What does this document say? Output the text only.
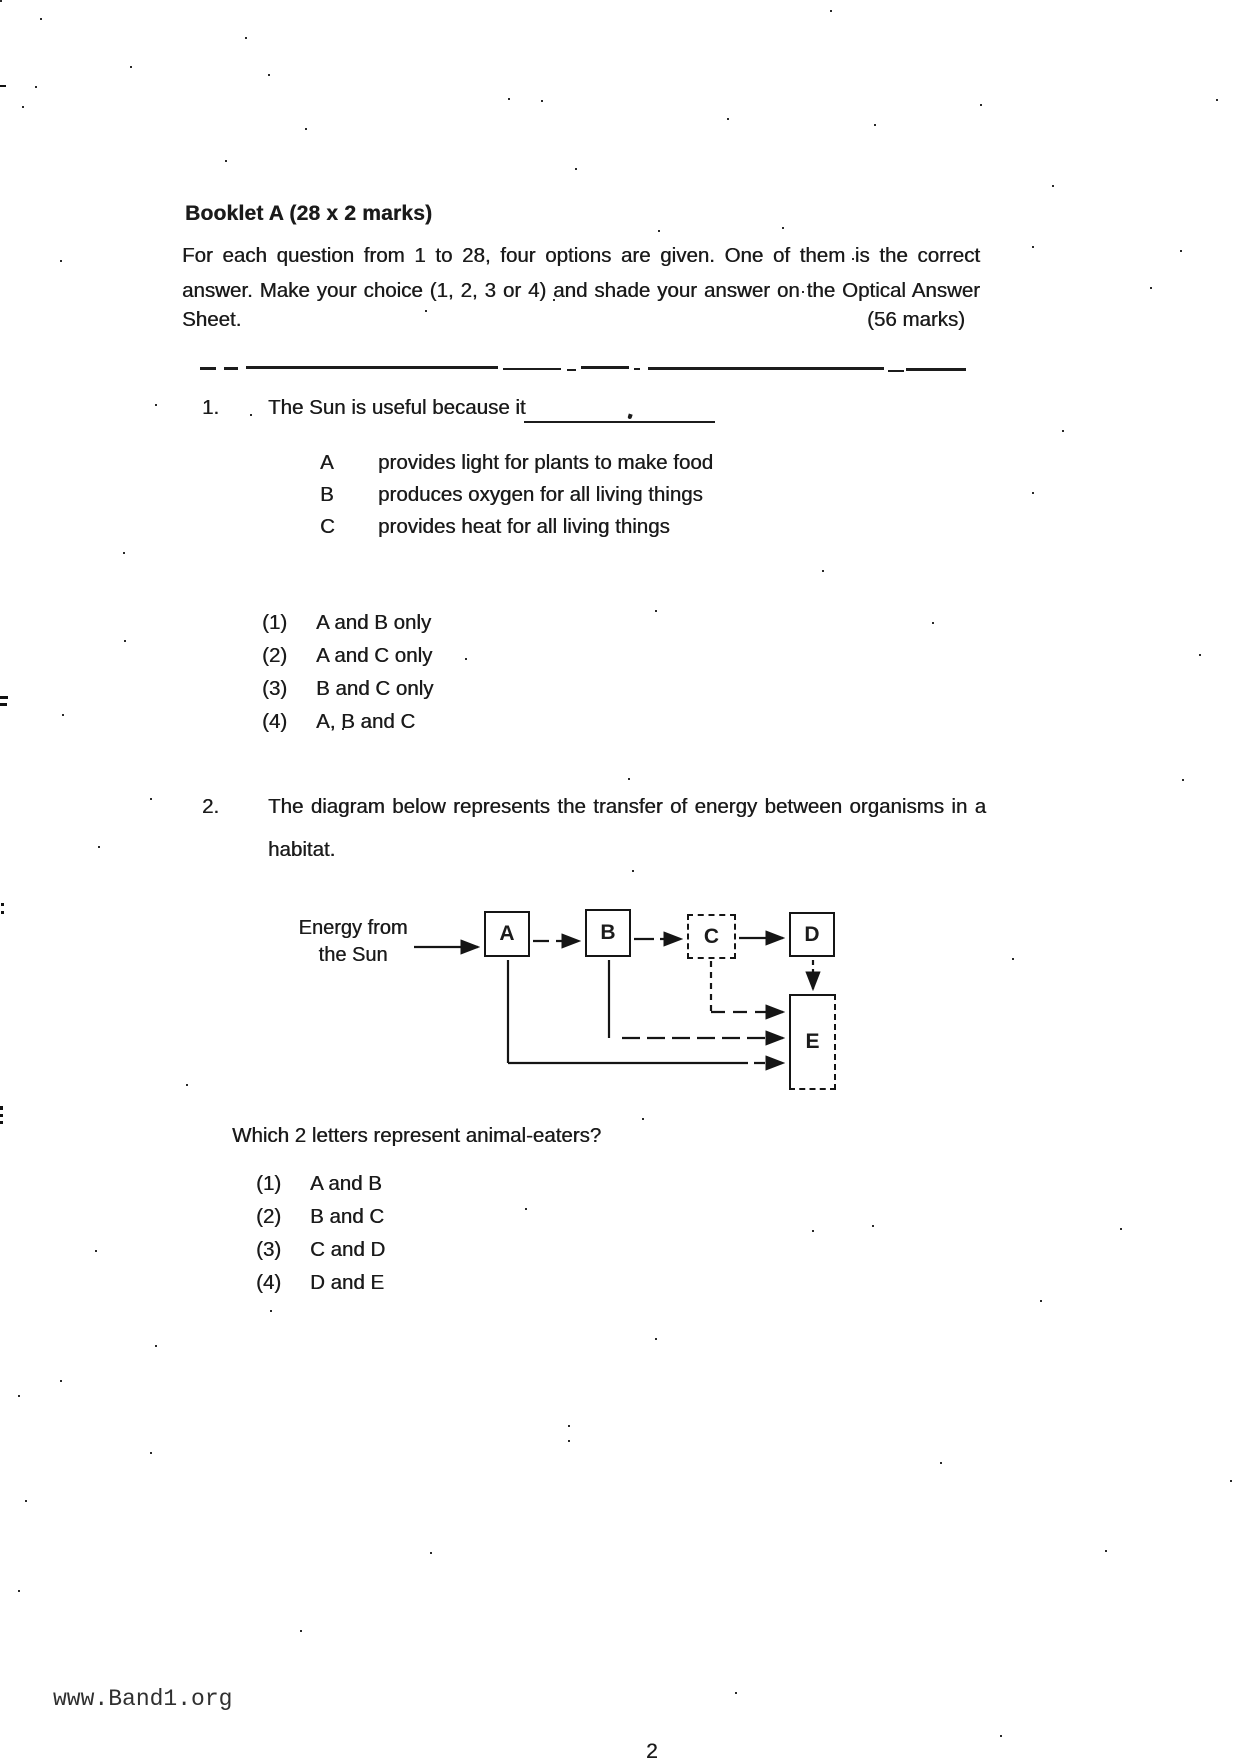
Booklet A (28 x 2 marks)
For each question from 1 to 28, four options are given. One of them is the correct
answer. Make your choice (1, 2, 3 or 4) and shade your answer on the Optical Answer
Sheet.	(56 marks)
1. The Sun is useful because it
A	provides light for plants to make food
B	produces oxygen for all living things
C	provides heat for all living things
(1)	A and B only
(2)	A and C only
(3)	B and C only
(4)	A, B and C
2. The diagram below represents the transfer of energy between organisms in a
habitat.
Energy from
the Sun
A	B	C	D
E
Which 2 letters represent animal-eaters?
(1)	A and B
(2)	B and C
(3)	C and D
(4)	D and E
www.Band1.org
2
